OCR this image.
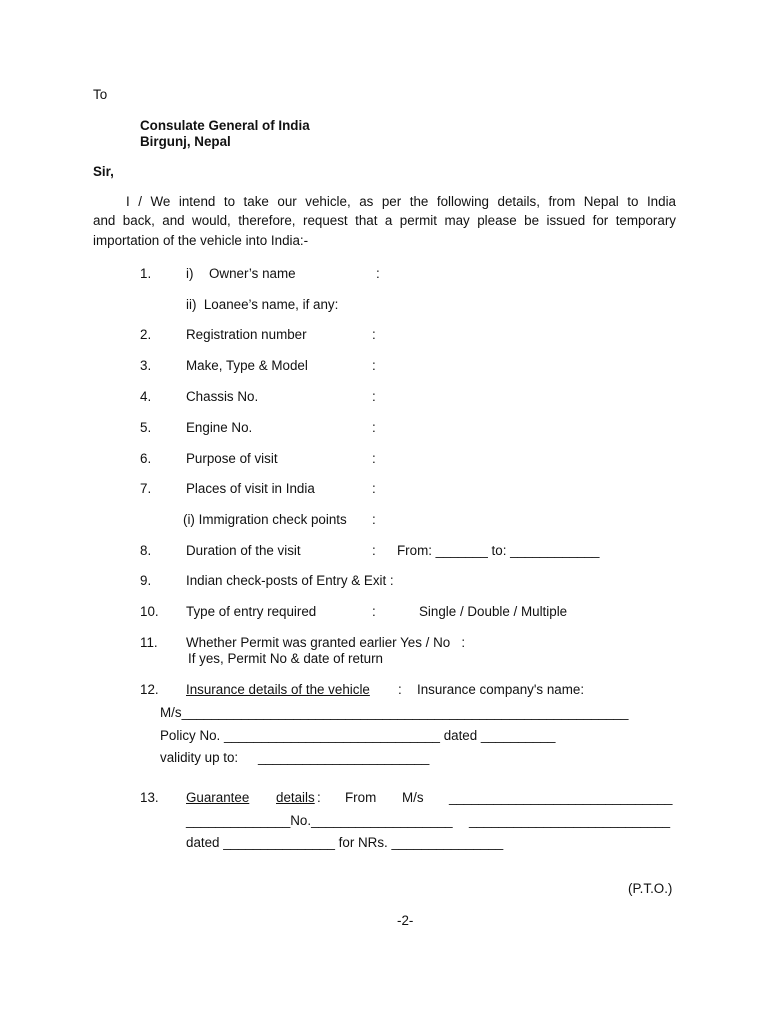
To
Consulate General of India
Birgunj, Nepal
Sir,
I / We intend to take our vehicle, as per the following details, from Nepal to India
and back, and would, therefore, request that a permit may please be issued for temporary
importation of the vehicle into India:-
1.	i) Owner’s name	:
ii)  Loanee’s name, if any:
2.	Registration number	:
3.	Make, Type & Model	:
4.	Chassis No.	:
5.	Engine No.	:
6.	Purpose of visit	:
7.	Places of visit in India	:
(i) Immigration check points :
8.	Duration of the visit	: From: _______ to: ____________
9.	Indian check-posts of Entry & Exit :
10. Type of entry required	:	Single / Double / Multiple
11. Whether Permit was granted earlier Yes / No   :
If yes, Permit No & date of return
12. Insurance details of the vehicle : Insurance company's name:
M/s____________________________________________________________
Policy No. _____________________________ dated __________
validity up to: _______________________
13. Guarantee details : From M/s ______________________________
______________No.___________________ ___________________________
dated _______________ for NRs. _______________
(P.T.O.)
-2-
